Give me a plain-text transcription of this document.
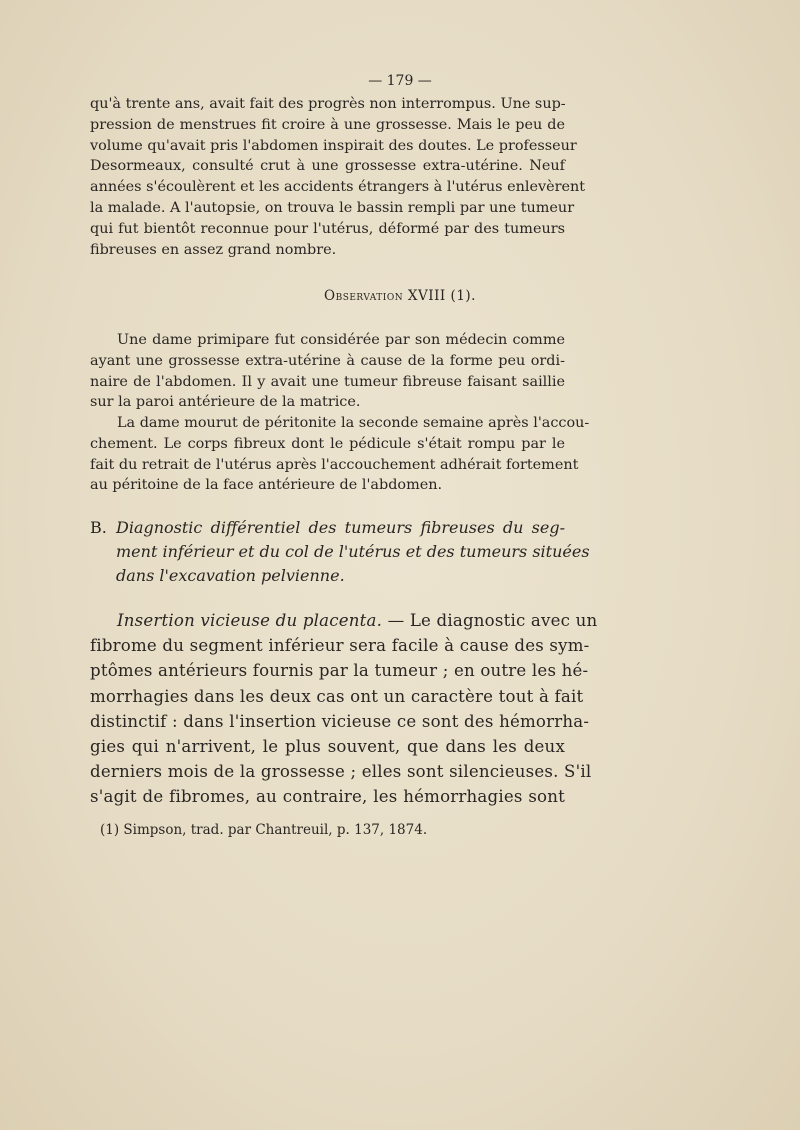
— 179 —

qu'à trente ans, avait fait des progrès non interrompus. Une sup-
pression de menstrues fit croire à une grossesse. Mais le peu de
volume qu'avait pris l'abdomen inspirait des doutes. Le professeur
Desormeaux, consulté crut à une grossesse extra-utérine. Neuf
années s'écoulèrent et les accidents étrangers à l'utérus enlevèrent
la malade. A l'autopsie, on trouva le bassin rempli par une tumeur
qui fut bientôt reconnue pour l'utérus, déformé par des tumeurs
fibreuses en assez grand nombre.

Observation XVIII (1).

Une dame primipare fut considérée par son médecin comme
ayant une grossesse extra-utérine à cause de la forme peu ordi-
naire de l'abdomen. Il y avait une tumeur fibreuse faisant saillie
sur la paroi antérieure de la matrice.

La dame mourut de péritonite la seconde semaine après l'accou-
chement. Le corps fibreux dont le pédicule s'était rompu par le
fait du retrait de l'utérus après l'accouchement adhérait fortement
au péritoine de la face antérieure de l'abdomen.

B. Diagnostic différentiel des tumeurs fibreuses du seg-
ment inférieur et du col de l'utérus et des tumeurs situées
dans l'excavation pelvienne.

Insertion vicieuse du placenta. — Le diagnostic avec un
fibrome du segment inférieur sera facile à cause des sym-
ptômes antérieurs fournis par la tumeur ; en outre les hé-
morrhagies dans les deux cas ont un caractère tout à fait
distinctif : dans l'insertion vicieuse ce sont des hémorrha-
gies qui n'arrivent, le plus souvent, que dans les deux
derniers mois de la grossesse ; elles sont silencieuses. S'il
s'agit de fibromes, au contraire, les hémorrhagies sont

(1) Simpson, trad. par Chantreuil, p. 137, 1874.
